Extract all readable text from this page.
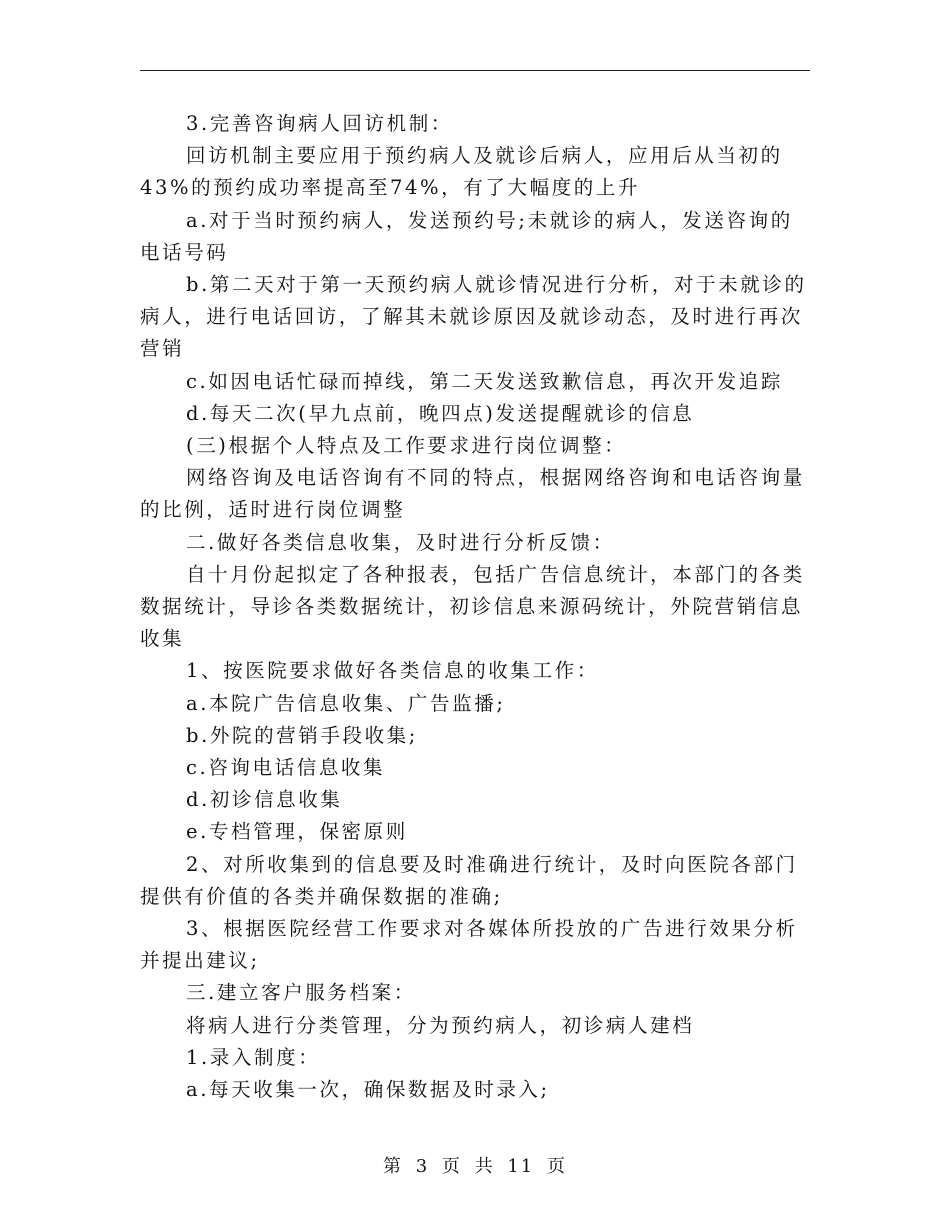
3.完善咨询病人回访机制：

回访机制主要应用于预约病人及就诊后病人，应用后从当初的43%的预约成功率提高至74%，有了大幅度的上升

a.对于当时预约病人，发送预约号;未就诊的病人，发送咨询的电话号码

b.第二天对于第一天预约病人就诊情况进行分析，对于未就诊的病人，进行电话回访，了解其未就诊原因及就诊动态，及时进行再次营销

c.如因电话忙碌而掉线，第二天发送致歉信息，再次开发追踪

d.每天二次(早九点前，晚四点)发送提醒就诊的信息

(三)根据个人特点及工作要求进行岗位调整：

网络咨询及电话咨询有不同的特点，根据网络咨询和电话咨询量的比例，适时进行岗位调整

二.做好各类信息收集，及时进行分析反馈：

自十月份起拟定了各种报表，包括广告信息统计，本部门的各类数据统计，导诊各类数据统计，初诊信息来源码统计，外院营销信息收集

1、按医院要求做好各类信息的收集工作：

a.本院广告信息收集、广告监播;

b.外院的营销手段收集;

c.咨询电话信息收集

d.初诊信息收集

e.专档管理，保密原则

2、对所收集到的信息要及时准确进行统计，及时向医院各部门提供有价值的各类并确保数据的准确;

3、根据医院经营工作要求对各媒体所投放的广告进行效果分析并提出建议;

三.建立客户服务档案：

将病人进行分类管理，分为预约病人，初诊病人建档

1.录入制度：

a.每天收集一次，确保数据及时录入;

第 3 页 共 11 页
